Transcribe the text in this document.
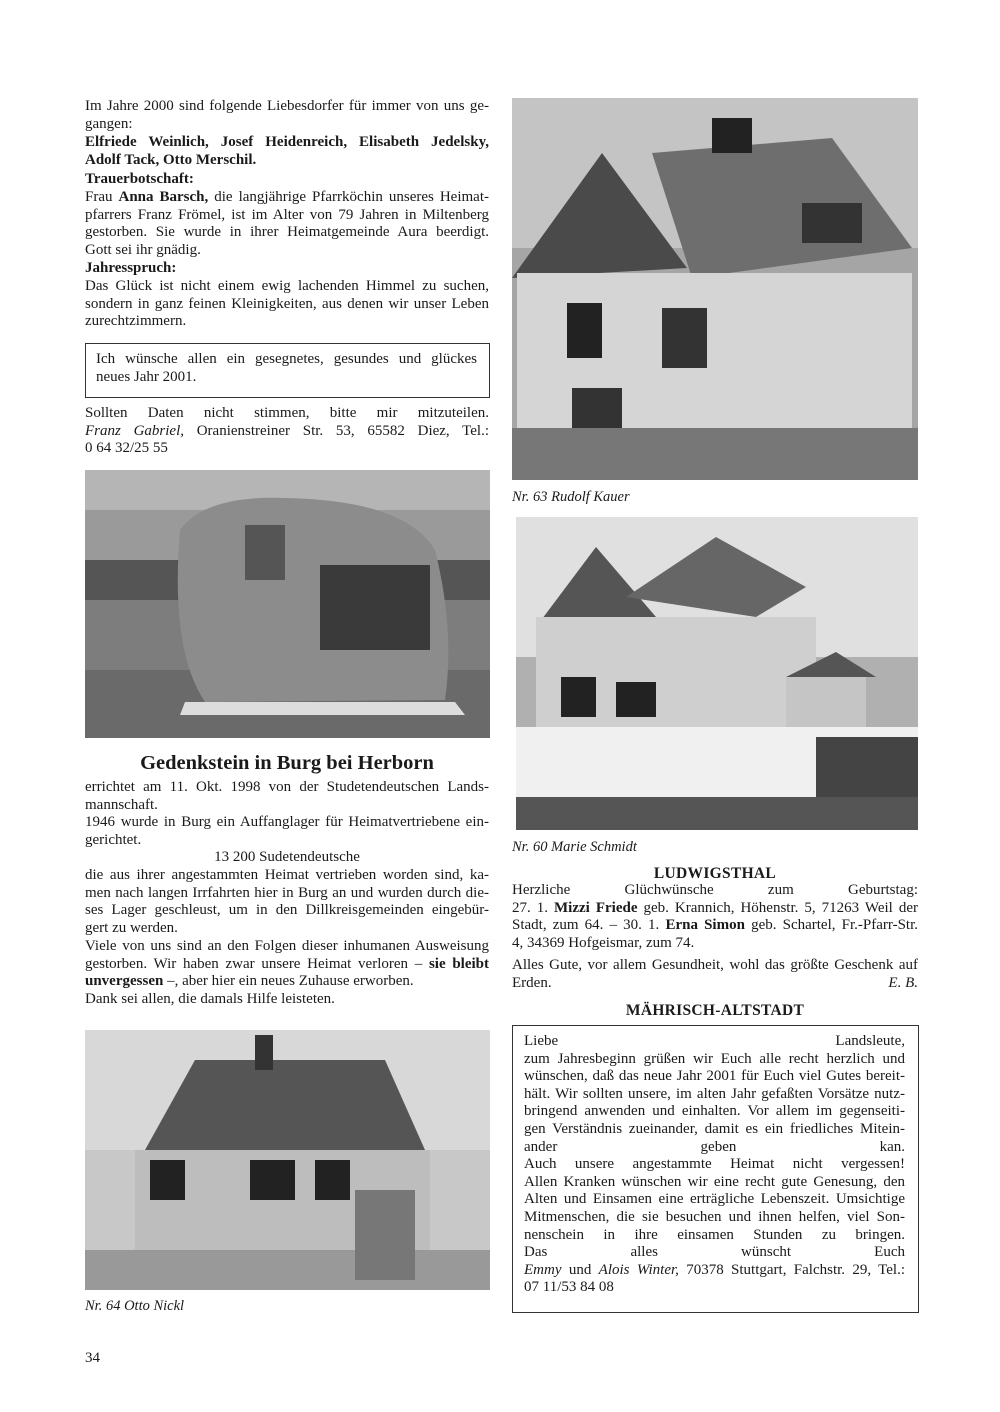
Im Jahre 2000 sind folgende Liebesdorfer für immer von uns ge-
gangen:
Elfriede Weinlich, Josef Heidenreich, Elisabeth Jedelsky,
Adolf Tack, Otto Merschil.
Trauerbotschaft:
Frau Anna Barsch, die langjährige Pfarrköchin unseres Heimat-
pfarrers Franz Frömel, ist im Alter von 79 Jahren in Miltenberg
gestorben. Sie wurde in ihrer Heimatgemeinde Aura beerdigt.
Gott sei ihr gnädig.
Jahresspruch:
Das Glück ist nicht einem ewig lachenden Himmel zu suchen,
sondern in ganz feinen Kleinigkeiten, aus denen wir unser Leben
zurechtzimmern.
Ich wünsche allen ein gesegnetes, gesundes und glückes
neues Jahr 2001.
Sollten Daten nicht stimmen, bitte mir mitzuteilen.
Franz Gabriel, Oranienstreiner Str. 53, 65582 Diez, Tel.:
0 64 32/25 55
Gedenkstein in Burg bei Herborn
errichtet am 11. Okt. 1998 von der Studetendeutschen Lands-
mannschaft.
1946 wurde in Burg ein Auffanglager für Heimatvertriebene ein-
gerichtet.
13 200 Sudetendeutsche
die aus ihrer angestammten Heimat vertrieben worden sind, ka-
men nach langen Irrfahrten hier in Burg an und wurden durch die-
ses Lager geschleust, um in den Dillkreisgemeinden eingebür-
gert zu werden.
Viele von uns sind an den Folgen dieser inhumanen Ausweisung
gestorben. Wir haben zwar unsere Heimat verloren – sie bleibt
unvergessen –, aber hier ein neues Zuhause erworben.
Dank sei allen, die damals Hilfe leisteten.
Nr. 64 Otto Nickl
34
Nr. 63 Rudolf Kauer
Nr. 60 Marie Schmidt
LUDWIGSTHAL
Herzliche Glüchwünsche zum Geburtstag:
27. 1. Mizzi Friede geb. Krannich, Höhenstr. 5, 71263 Weil der
Stadt, zum 64. – 30. 1. Erna Simon geb. Schartel, Fr.-Pfarr-Str.
4, 34369 Hofgeismar, zum 74.
Alles Gute, vor allem Gesundheit, wohl das größte Geschenk auf
Erden.	E. B.
MÄHRISCH-ALTSTADT
Liebe Landsleute,
zum Jahresbeginn grüßen wir Euch alle recht herzlich und
wünschen, daß das neue Jahr 2001 für Euch viel Gutes bereit-
hält. Wir sollten unsere, im alten Jahr gefaßten Vorsätze nutz-
bringend anwenden und einhalten. Vor allem im gegenseiti-
gen Verständnis zueinander, damit es ein friedliches Mitein-
ander geben kan.
Auch unsere angestammte Heimat nicht vergessen!
Allen Kranken wünschen wir eine recht gute Genesung, den
Alten und Einsamen eine erträgliche Lebenszeit. Umsichtige
Mitmenschen, die sie besuchen und ihnen helfen, viel Son-
nenschein in ihre einsamen Stunden zu bringen.
Das alles wünscht Euch
Emmy und Alois Winter, 70378 Stuttgart, Falchstr. 29, Tel.:
07 11/53 84 08
